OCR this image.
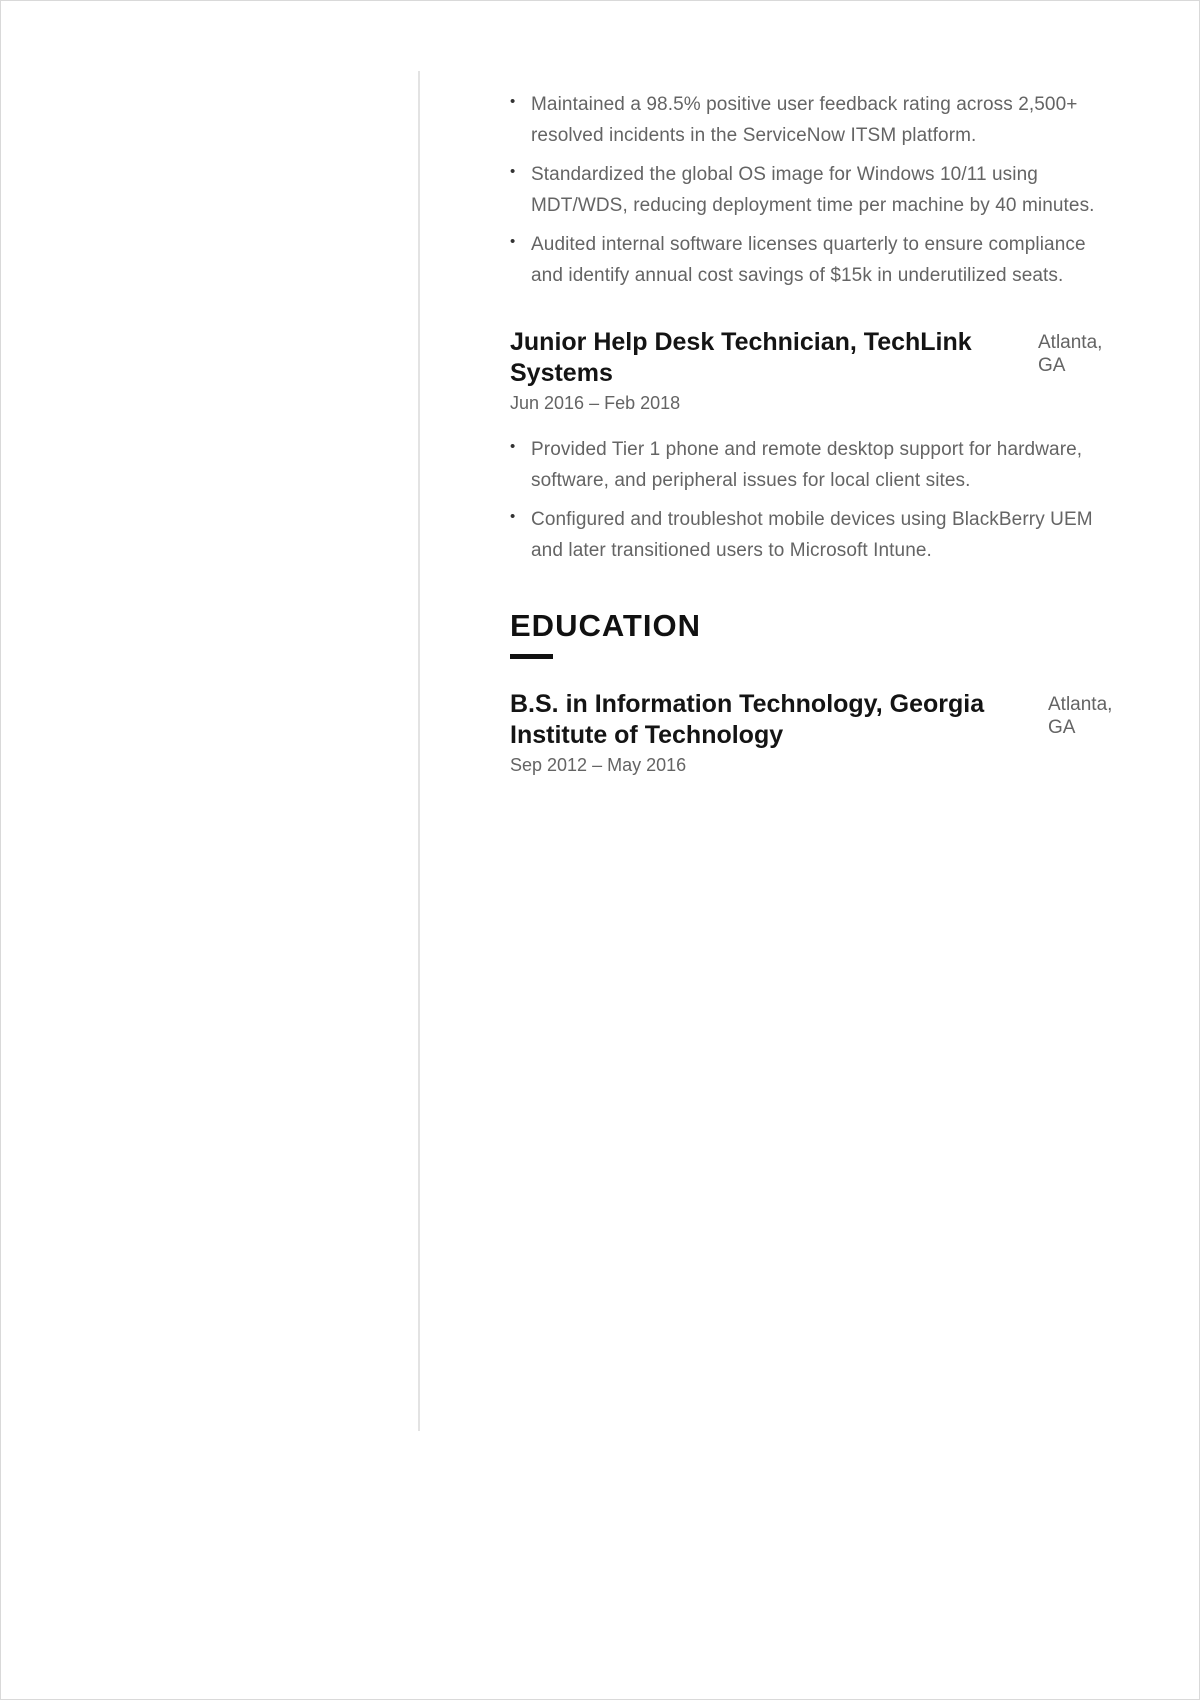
• Maintained a 98.5% positive user feedback rating across 2,500+ resolved incidents in the ServiceNow ITSM platform.
• Standardized the global OS image for Windows 10/11 using MDT/WDS, reducing deployment time per machine by 40 minutes.
• Audited internal software licenses quarterly to ensure compliance and identify annual cost savings of $15k in underutilized seats.
Junior Help Desk Technician, TechLink Systems
Atlanta, GA
Jun 2016 – Feb 2018
• Provided Tier 1 phone and remote desktop support for hardware, software, and peripheral issues for local client sites.
• Configured and troubleshot mobile devices using BlackBerry UEM and later transitioned users to Microsoft Intune.
EDUCATION
B.S. in Information Technology, Georgia Institute of Technology
Atlanta, GA
Sep 2012 – May 2016
